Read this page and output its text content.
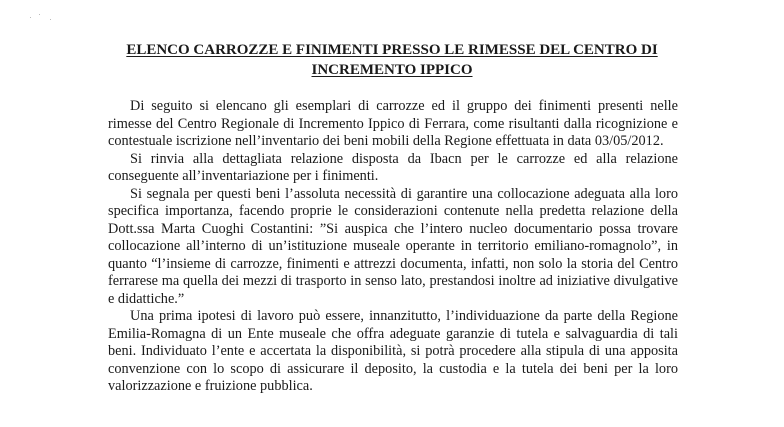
ELENCO CARROZZE E FINIMENTI PRESSO LE RIMESSE DEL CENTRO DI
INCREMENTO IPPICO

Di seguito si elencano gli esemplari di carrozze ed il gruppo dei finimenti presenti nelle rimesse del Centro Regionale di Incremento Ippico di Ferrara, come risultanti dalla ricognizione e contestuale iscrizione nell’inventario dei beni mobili della Regione effettuata in data 03/05/2012.

Si rinvia alla dettagliata relazione disposta da Ibacn per le carrozze ed alla relazione conseguente all’inventariazione per i finimenti.

Si segnala per questi beni l’assoluta necessità di garantire una collocazione adeguata alla loro specifica importanza, facendo proprie le considerazioni contenute nella predetta relazione della Dott.ssa Marta Cuoghi Costantini: ”Si auspica che l’intero nucleo documentario possa trovare collocazione all’interno di un’istituzione museale operante in territorio emiliano-romagnolo”, in quanto “l’insieme di carrozze, finimenti e attrezzi documenta, infatti, non solo la storia del Centro ferrarese ma quella dei mezzi di trasporto in senso lato, prestandosi inoltre ad iniziative divulgative e didattiche.”

Una prima ipotesi di lavoro può essere, innanzitutto, l’individuazione da parte della Regione Emilia-Romagna di un Ente museale che offra adeguate garanzie di tutela e salvaguardia di tali beni. Individuato l’ente e accertata la disponibilità, si potrà procedere alla stipula di una apposita convenzione con lo scopo di assicurare il deposito, la custodia e la tutela dei beni per la loro valorizzazione e fruizione pubblica.
